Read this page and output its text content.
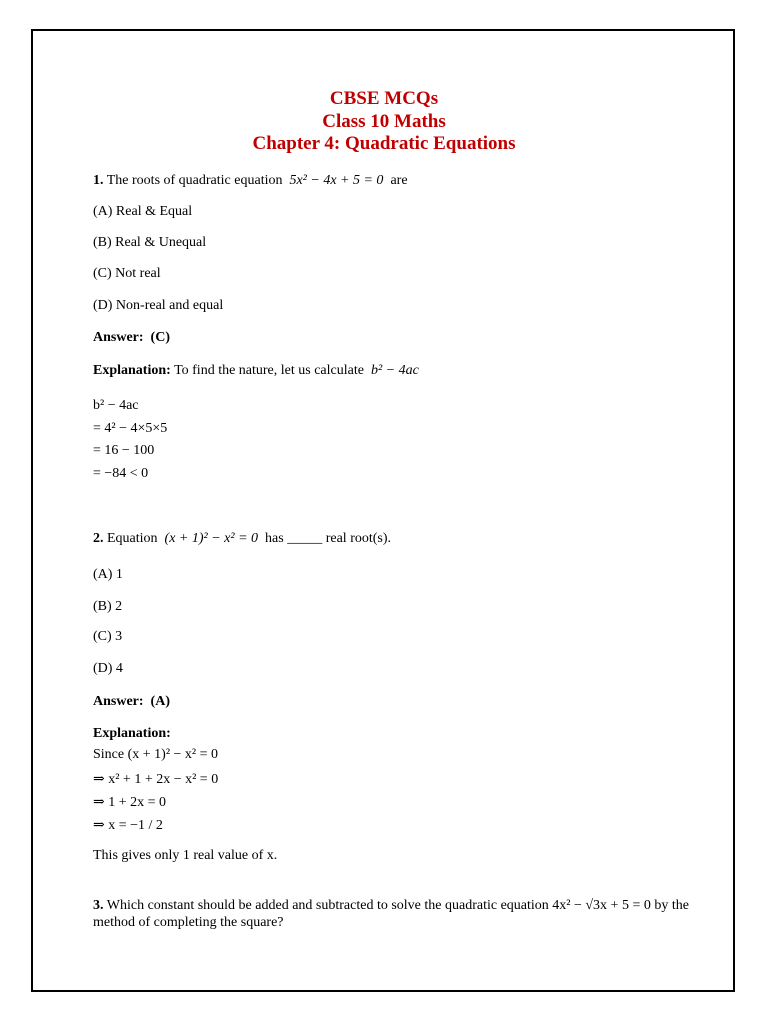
CBSE MCQs
Class 10 Maths
Chapter 4: Quadratic Equations
1. The roots of quadratic equation 5x² − 4x + 5 = 0 are
(A) Real & Equal
(B) Real & Unequal
(C) Not real
(D) Non-real and equal
Answer: (C)
Explanation: To find the nature, let us calculate b² − 4ac
b² − 4ac
= 4² − 4×5×5
= 16 − 100
= −84 < 0
2. Equation (x + 1)² − x² = 0 has _____ real root(s).
(A) 1
(B) 2
(C) 3
(D) 4
Answer: (A)
Explanation:
Since (x + 1)² − x² = 0
⇒ x² + 1 + 2x − x² = 0
⇒ 1 + 2x = 0
⇒ x = −1 / 2
This gives only 1 real value of x.
3. Which constant should be added and subtracted to solve the quadratic equation 4x² − √3x + 5 = 0 by the method of completing the square?
